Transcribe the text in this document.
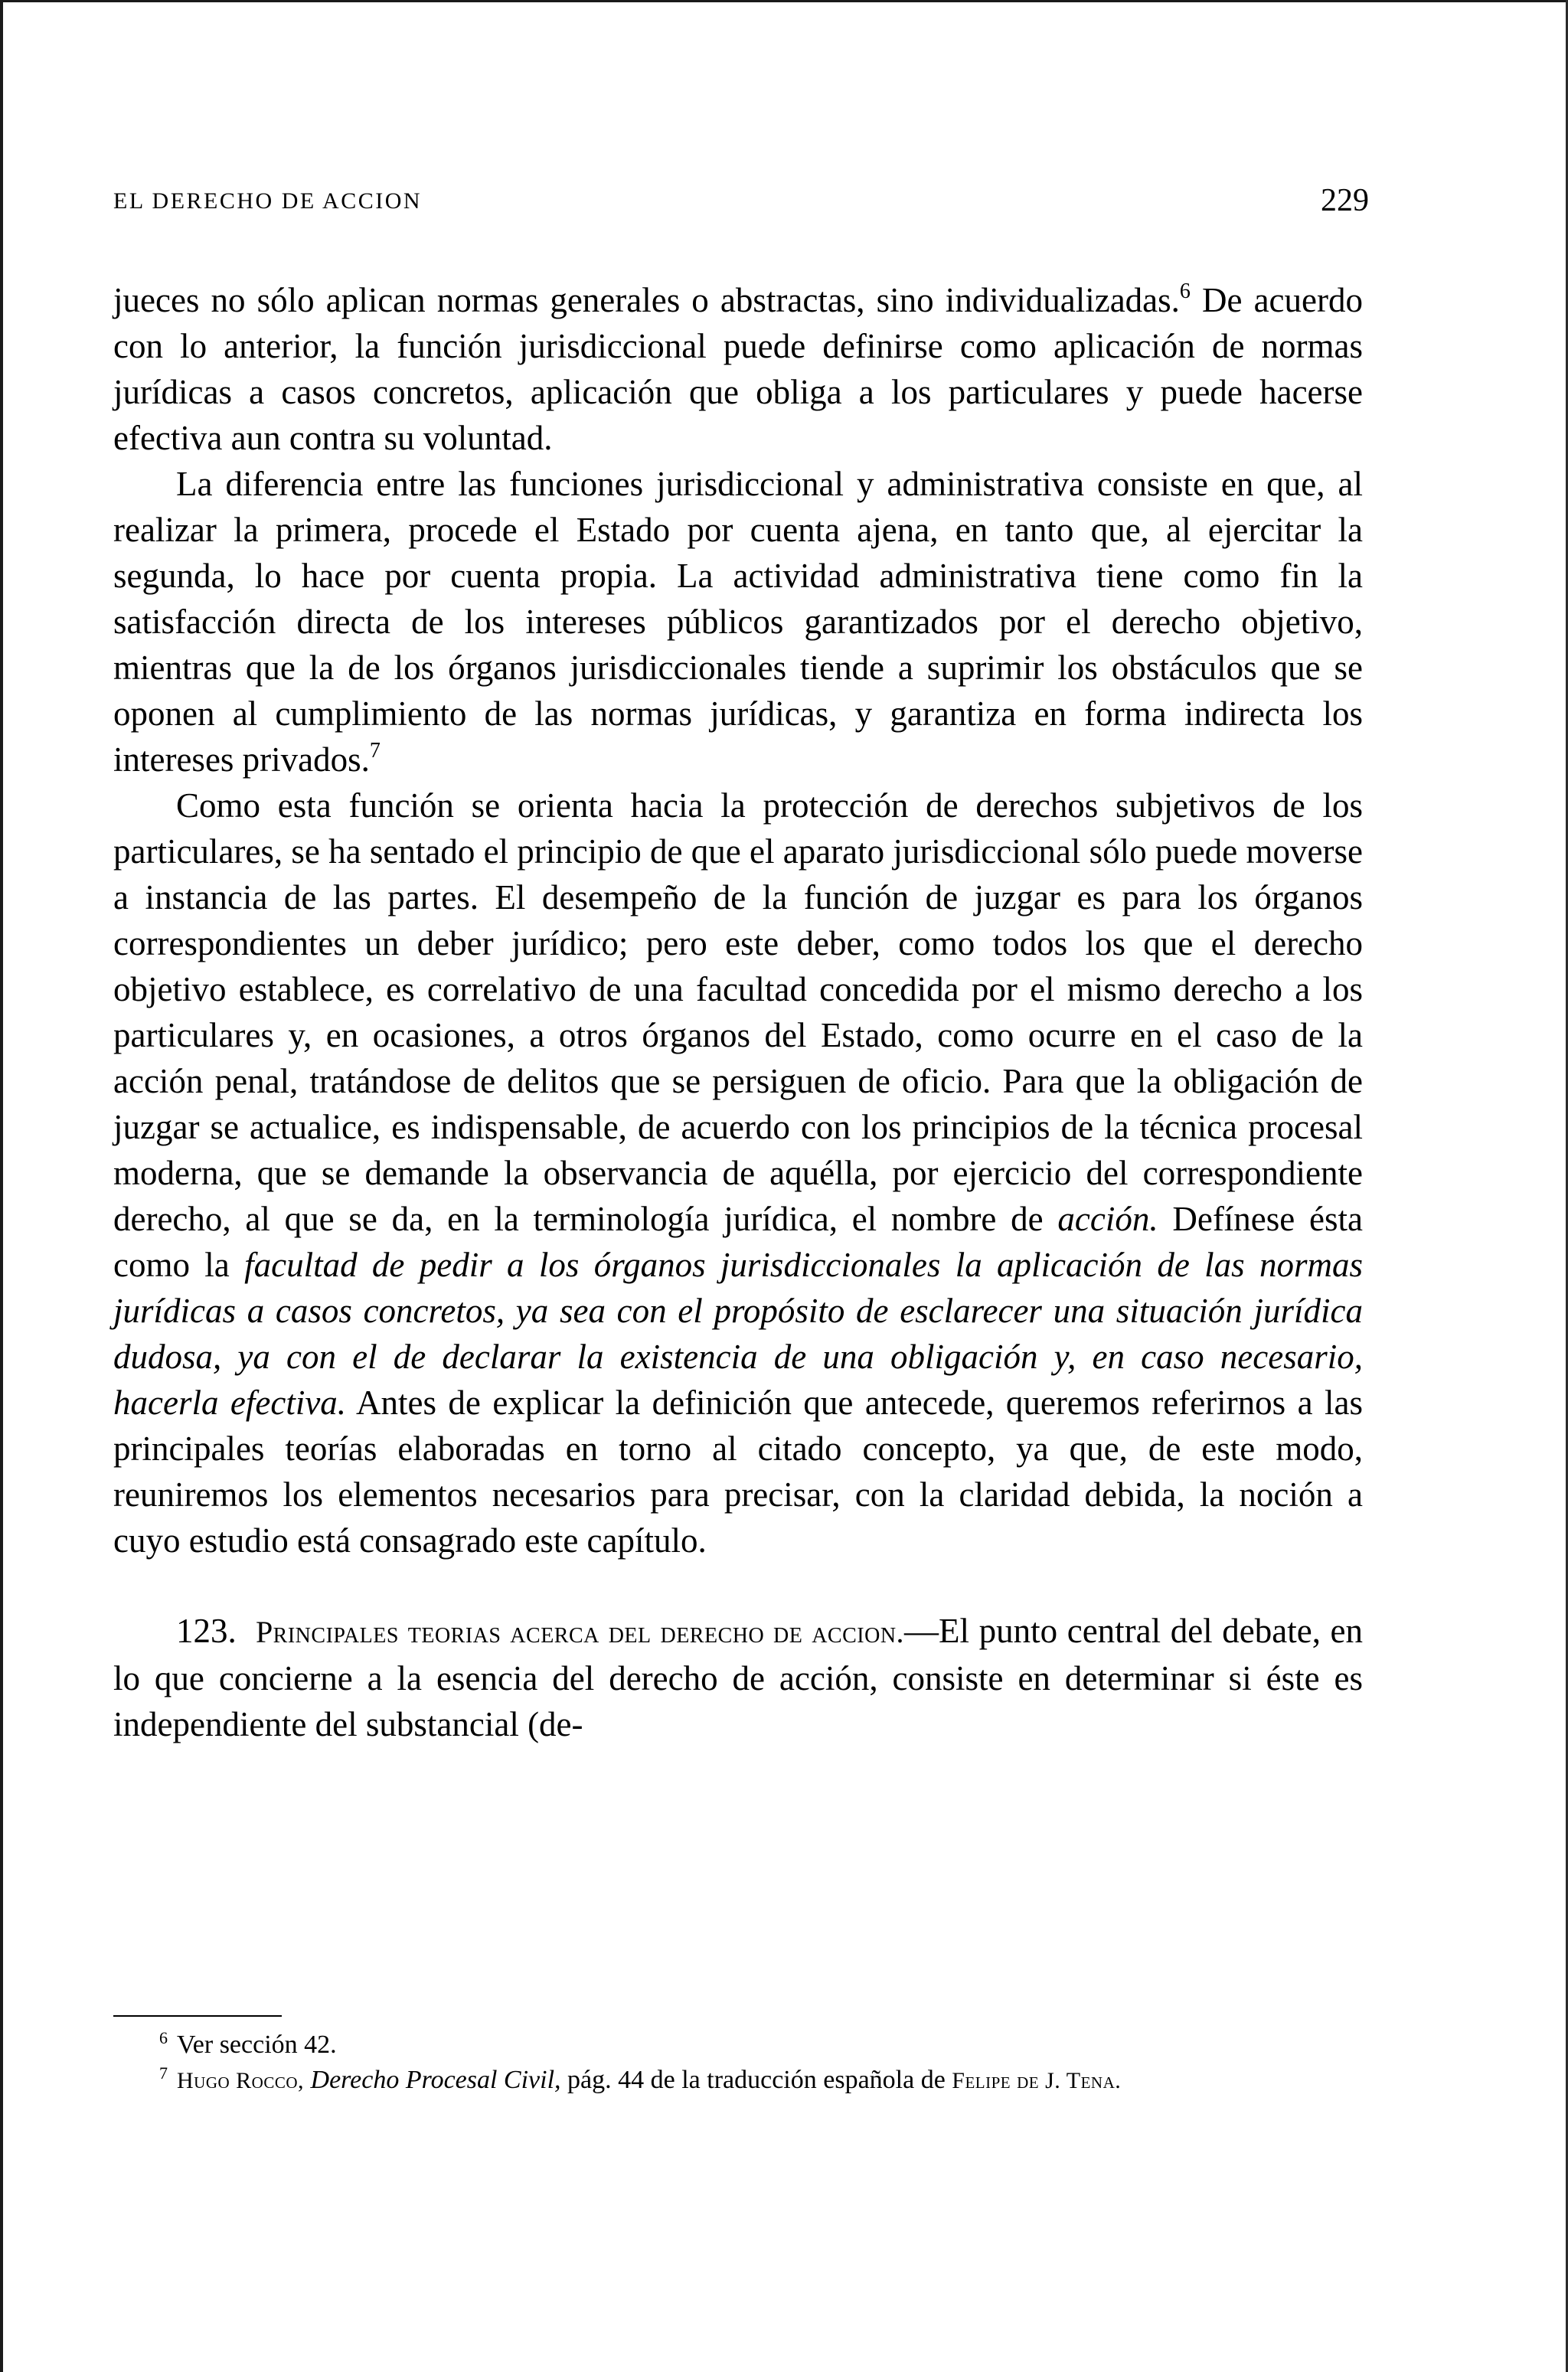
EL DERECHO DE ACCION	229

jueces no sólo aplican normas generales o abstractas, sino individualizadas.$^6$ De acuerdo con lo anterior, la función jurisdiccional puede definirse como aplicación de normas jurídicas a casos concretos, aplicación que obliga a los particulares y puede hacerse efectiva aun contra su voluntad.

La diferencia entre las funciones jurisdiccional y administrativa consiste en que, al realizar la primera, procede el Estado por cuenta ajena, en tanto que, al ejercitar la segunda, lo hace por cuenta propia. La actividad administrativa tiene como fin la satisfacción directa de los intereses públicos garantizados por el derecho objetivo, mientras que la de los órganos jurisdiccionales tiende a suprimir los obstáculos que se oponen al cumplimiento de las normas jurídicas, y garantiza en forma indirecta los intereses privados.$^7$

Como esta función se orienta hacia la protección de derechos subjetivos de los particulares, se ha sentado el principio de que el aparato jurisdiccional sólo puede moverse a instancia de las partes. El desempeño de la función de juzgar es para los órganos correspondientes un deber jurídico; pero este deber, como todos los que el derecho objetivo establece, es correlativo de una facultad concedida por el mismo derecho a los particulares y, en ocasiones, a otros órganos del Estado, como ocurre en el caso de la acción penal, tratándose de delitos que se persiguen de oficio. Para que la obligación de juzgar se actualice, es indispensable, de acuerdo con los principios de la técnica procesal moderna, que se demande la observancia de aquélla, por ejercicio del correspondiente derecho, al que se da, en la terminología jurídica, el nombre de acción. Defínese ésta como la facultad de pedir a los órganos jurisdiccionales la aplicación de las normas jurídicas a casos concretos, ya sea con el propósito de esclarecer una situación jurídica dudosa, ya con el de declarar la existencia de una obligación y, en caso necesario, hacerla efectiva. Antes de explicar la definición que antecede, queremos referirnos a las principales teorías elaboradas en torno al citado concepto, ya que, de este modo, reuniremos los elementos necesarios para precisar, con la claridad debida, la noción a cuyo estudio está consagrado este capítulo.

123. Principales teorias acerca del derecho de accion.—El punto central del debate, en lo que concierne a la esencia del derecho de acción, consiste en determinar si éste es independiente del substancial (de-

$^6$ Ver sección 42.

$^7$ Hugo Rocco, Derecho Procesal Civil, pág. 44 de la traducción española de Felipe de J. Tena.
